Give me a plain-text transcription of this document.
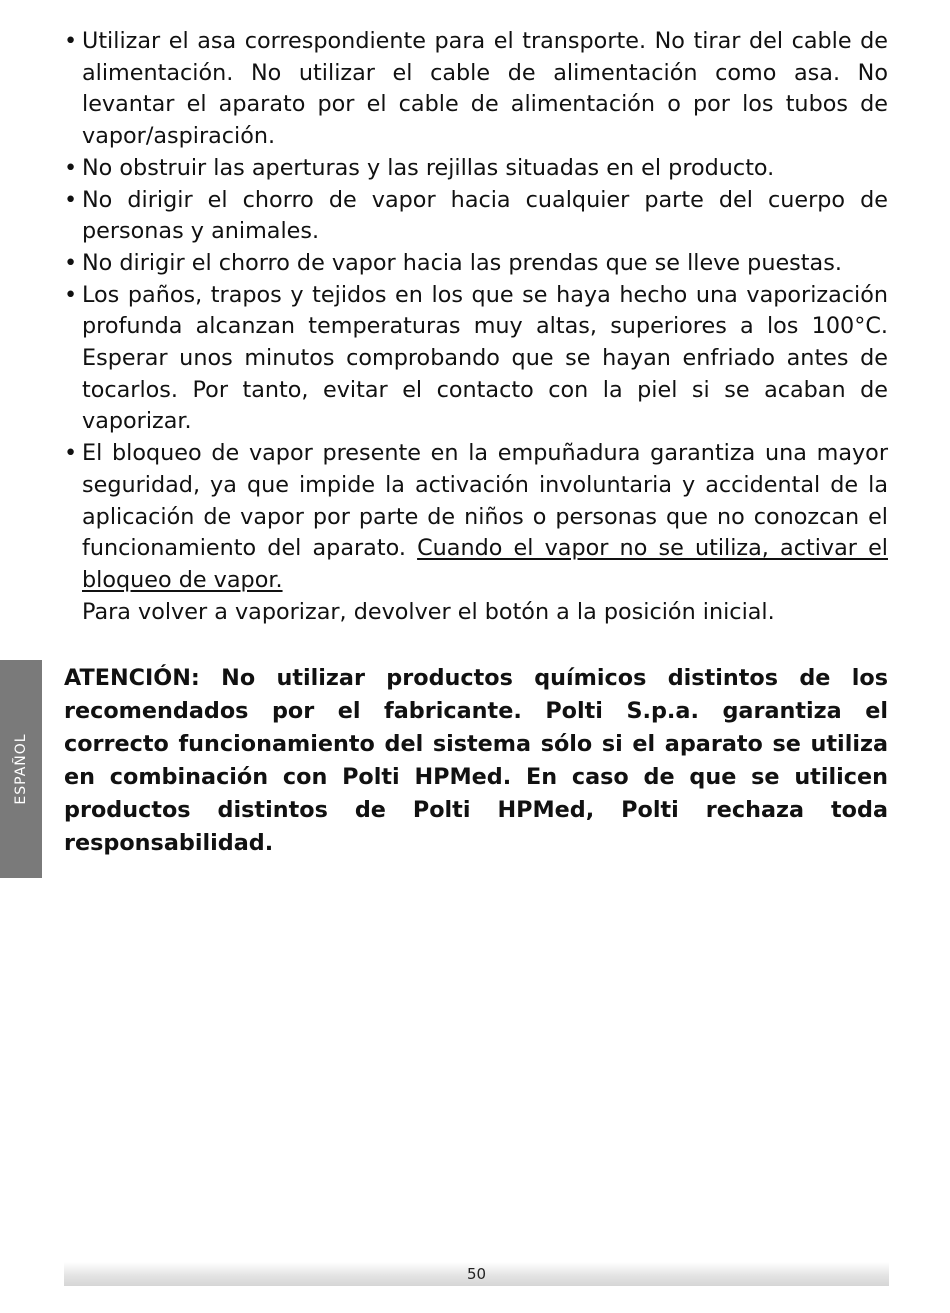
ESPAÑOL
• Utilizar el asa correspondiente para el transporte. No tirar del cable de alimentación. No utilizar el cable de alimentación como asa. No levantar el aparato por el cable de alimentación o por los tubos de vapor/aspiración.
• No obstruir las aperturas y las rejillas situadas en el producto.
• No dirigir el chorro de vapor hacia cualquier parte del cuerpo de personas y animales.
• No dirigir el chorro de vapor hacia las prendas que se lleve puestas.
• Los paños, trapos y tejidos en los que se haya hecho una vaporización profunda alcanzan temperaturas muy altas, superiores a los 100°C. Esperar unos minutos comprobando que se hayan enfriado antes de tocarlos. Por tanto, evitar el contacto con la piel si se acaban de vaporizar.
• El bloqueo de vapor presente en la empuñadura garantiza una mayor seguridad, ya que impide la activación involuntaria y accidental de la aplicación de vapor por parte de niños o personas que no conozcan el funcionamiento del aparato. Cuando el vapor no se utiliza, activar el bloqueo de vapor.
Para volver a vaporizar, devolver el botón a la posición inicial.

ATENCIÓN: No utilizar productos químicos distintos de los recomendados por el fabricante. Polti S.p.a. garantiza el correcto funcionamiento del sistema sólo si el aparato se utiliza en combinación con Polti HPMed. En caso de que se utilicen productos distintos de Polti HPMed, Polti rechaza toda responsabilidad.

50
